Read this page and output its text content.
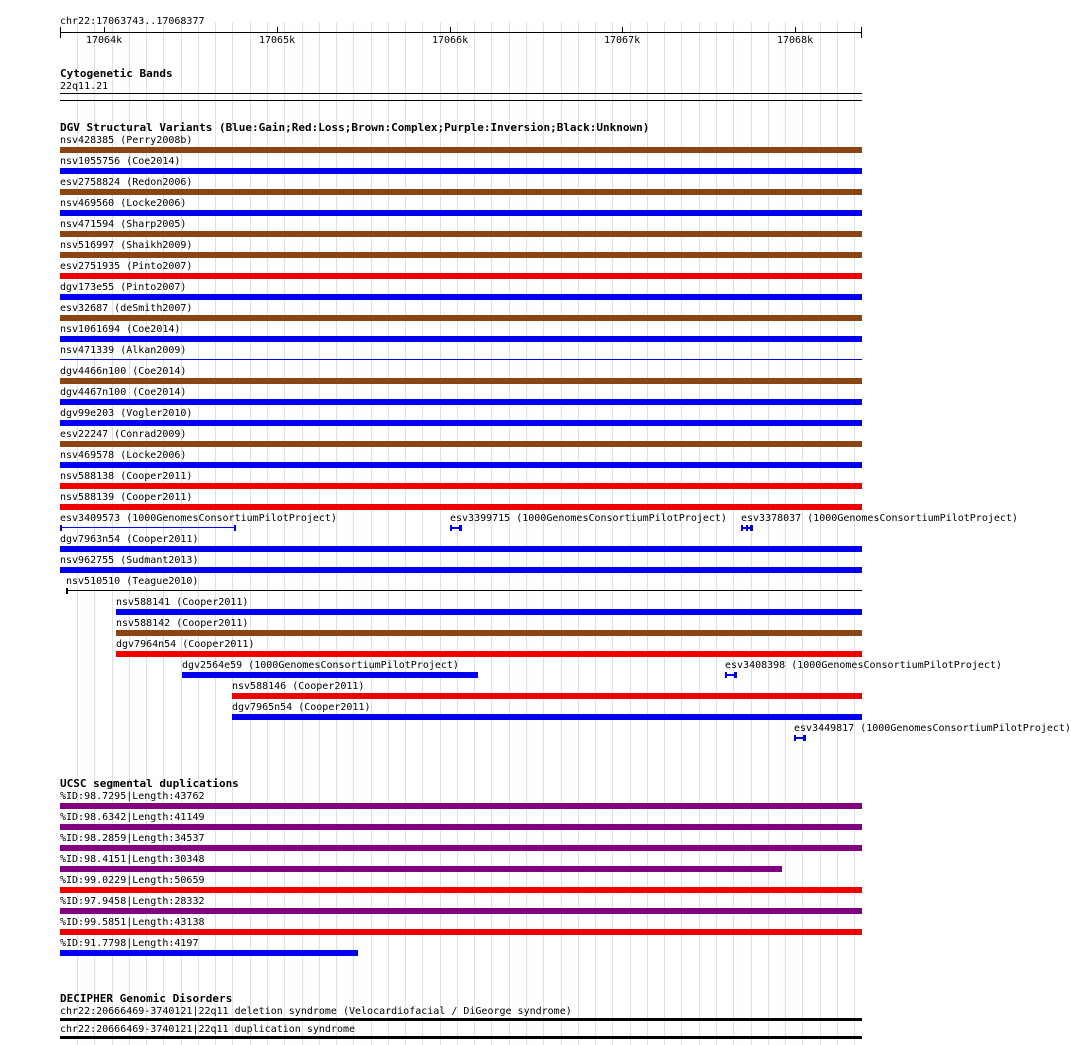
chr22:17063743..17068377
17064k	17065k	17066k	17067k	17068k
Cytogenetic Bands
22q11.21
DGV Structural Variants (Blue:Gain;Red:Loss;Brown:Complex;Purple:Inversion;Black:Unknown)
nsv428385 (Perry2008b)
nsv1055756 (Coe2014)
esv2758824 (Redon2006)
nsv469560 (Locke2006)
nsv471594 (Sharp2005)
nsv516997 (Shaikh2009)
esv2751935 (Pinto2007)
dgv173e55 (Pinto2007)
esv32687 (deSmith2007)
nsv1061694 (Coe2014)
nsv471339 (Alkan2009)
dgv4466n100 (Coe2014)
dgv4467n100 (Coe2014)
dgv99e203 (Vogler2010)
esv22247 (Conrad2009)
nsv469578 (Locke2006)
nsv588138 (Cooper2011)
nsv588139 (Cooper2011)
esv3409573 (1000GenomesConsortiumPilotProject)	esv3399715 (1000GenomesConsortiumPilotProject) esv3378037 (1000GenomesConsortiumPilotProject)
dgv7963n54 (Cooper2011)
nsv962755 (Sudmant2013)
nsv510510 (Teague2010)
nsv588141 (Cooper2011)
nsv588142 (Cooper2011)
dgv7964n54 (Cooper2011)
dgv2564e59 (1000GenomesConsortiumPilotProject)	esv3408398 (1000GenomesConsortiumPilotProject)
nsv588146 (Cooper2011)
dgv7965n54 (Cooper2011)
esv3449817 (1000GenomesConsortiumPilotProject)
UCSC segmental duplications
%ID:98.7295|Length:43762
%ID:98.6342|Length:41149
%ID:98.2859|Length:34537
%ID:98.4151|Length:30348
%ID:99.0229|Length:50659
%ID:97.9458|Length:28332
%ID:99.5851|Length:43138
%ID:91.7798|Length:4197
DECIPHER Genomic Disorders
chr22:20666469-3740121|22q11 deletion syndrome (Velocardiofacial / DiGeorge syndrome)
chr22:20666469-3740121|22q11 duplication syndrome
